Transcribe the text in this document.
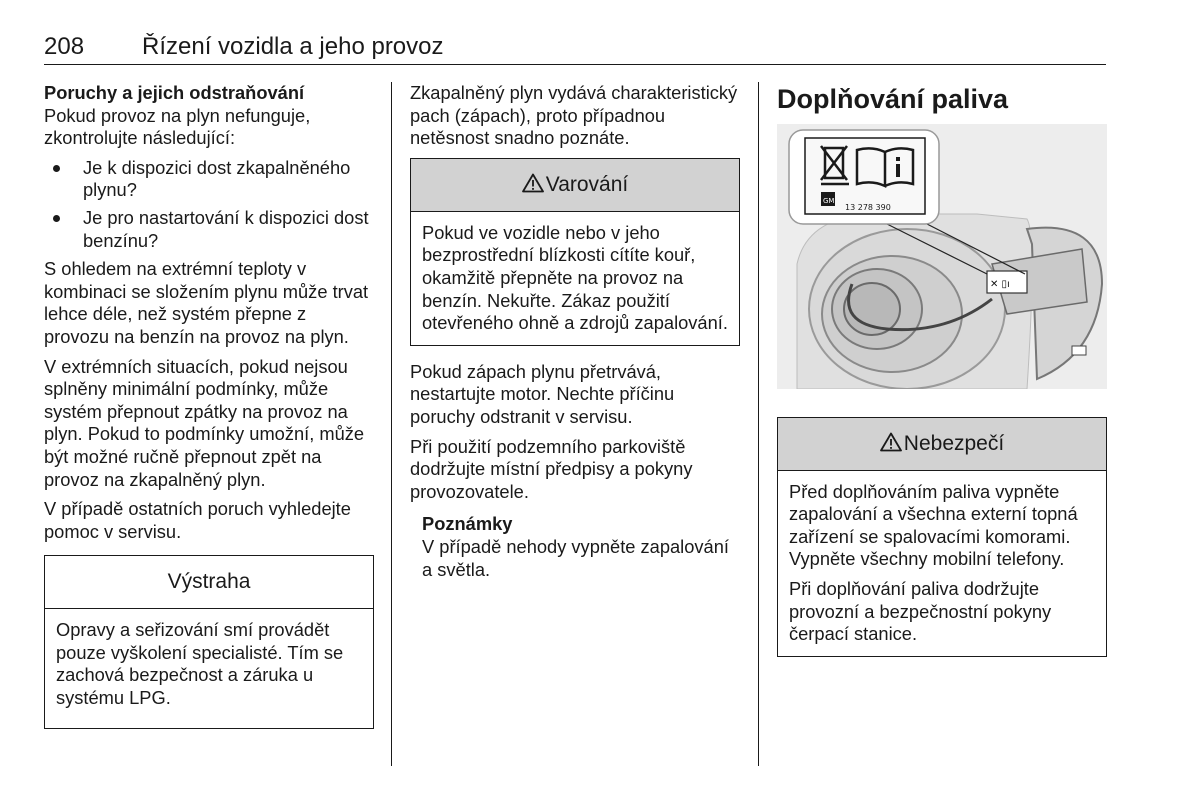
208 Řízení vozidla a jeho provoz

Poruchy a jejich odstraňování

Pokud provoz na plyn nefunguje, zkontrolujte následující:

Je k dispozici dost zkapalněného plynu?
Je pro nastartování k dispozici dost benzínu?

S ohledem na extrémní teploty v kombinaci se složením plynu může trvat lehce déle, než systém přepne z provozu na benzín na provoz na plyn.

V extrémních situacích, pokud nejsou splněny minimální podmínky, může systém přepnout zpátky na provoz na plyn. Pokud to podmínky umožní, může být možné ručně přepnout zpět na provoz na zkapalněný plyn.

V případě ostatních poruch vyhledejte pomoc v servisu.

Výstraha

Opravy a seřizování smí provádět pouze vyškolení specialisté. Tím se zachová bezpečnost a záruka u systému LPG.

Zkapalněný plyn vydává charakteristický pach (zápach), proto případnou netěsnost snadno poznáte.

Varování

Pokud ve vozidle nebo v jeho bezprostřední blízkosti cítíte kouř, okamžitě přepněte na provoz na benzín. Nekuřte. Zákaz použití otevřeného ohně a zdrojů zapalování.

Pokud zápach plynu přetrvává, nestartujte motor. Nechte příčinu poruchy odstranit v servisu.

Při použití podzemního parkoviště dodržujte místní předpisy a pokyny provozovatele.

Poznámky

V případě nehody vypněte zapalování a světla.

Doplňování paliva

✕ ▯ı
GM
13 278 390
Nebezpečí

Před doplňováním paliva vypněte zapalování a všechna externí topná zařízení se spalovacími komorami. Vypněte všechny mobilní telefony.

Při doplňování paliva dodržujte provozní a bezpečnostní pokyny čerpací stanice.
